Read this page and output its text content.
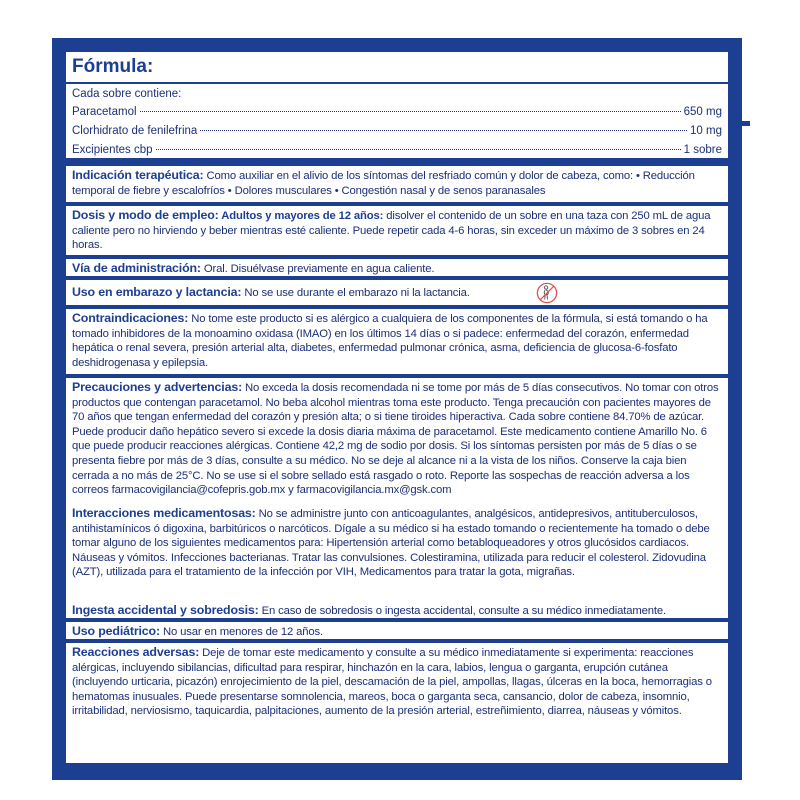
Fórmula:
Cada sobre contiene:
Paracetamol	650 mg
Clorhidrato de fenilefrina	10 mg
Excipientes cbp	1 sobre
Indicación terapéutica: Como auxiliar en el alivio de los síntomas del resfriado común y dolor de cabeza, como: • Reducción temporal de fiebre y escalofríos • Dolores musculares • Congestión nasal y de senos paranasales
Dosis y modo de empleo: Adultos y mayores de 12 años: disolver el contenido de un sobre en una taza con 250 mL de agua caliente pero no hirviendo y beber mientras esté caliente. Puede repetir cada 4-6 horas, sin exceder un máximo de 3 sobres en 24 horas.
Vía de administración: Oral. Disuélvase previamente en agua caliente.
Uso en embarazo y lactancia: No se use durante el embarazo ni la lactancia.
Contraindicaciones: No tome este producto si es alérgico a cualquiera de los componentes de la fórmula, si está tomando o ha tomado inhibidores de la monoamino oxidasa (IMAO) en los últimos 14 días o si padece: enfermedad del corazón, enfermedad hepática o renal severa, presión arterial alta, diabetes, enfermedad pulmonar crónica, asma, deficiencia de glucosa-6-fosfato deshidrogenasa y epilepsia.
Precauciones y advertencias: No exceda la dosis recomendada ni se tome por más de 5 días consecutivos. No tomar con otros productos que contengan paracetamol. No beba alcohol mientras toma este producto. Tenga precaución con pacientes mayores de 70 años que tengan enfermedad del corazón y presión alta; o si tiene tiroides hiperactiva. Cada sobre contiene 84.70% de azúcar. Puede producir daño hepático severo si excede la dosis diaria máxima de paracetamol. Este medicamento contiene Amarillo No. 6 que puede producir reacciones alérgicas. Contiene 42,2 mg de sodio por dosis. Si los síntomas persisten por más de 5 días o se presenta fiebre por más de 3 días, consulte a su médico. No se deje al alcance ni a la vista de los niños. Conserve la caja bien cerrada a no más de 25°C. No se use si el sobre sellado está rasgado o roto. Reporte las sospechas de reacción adversa a los correos farmacovigilancia@cofepris.gob.mx y farmacovigilancia.mx@gsk.com
Interacciones medicamentosas: No se administre junto con anticoagulantes, analgésicos, antidepresivos, antituberculosos, antihistamínicos ó digoxina, barbitúricos o narcóticos. Dígale a su médico si ha estado tomando o recientemente ha tomado o debe tomar alguno de los siguientes medicamentos para: Hipertensión arterial como betabloqueadores y otros glucósidos cardiacos. Náuseas y vómitos. Infecciones bacterianas. Tratar las convulsiones. Colestiramina, utilizada para reducir el colesterol. Zidovudina (AZT), utilizada para el tratamiento de la infección por VIH, Medicamentos para tratar la gota, migrañas.
Ingesta accidental y sobredosis: En caso de sobredosis o ingesta accidental, consulte a su médico inmediatamente.
Uso pediátrico: No usar en menores de 12 años.
Reacciones adversas: Deje de tomar este medicamento y consulte a su médico inmediatamente si experimenta: reacciones alérgicas, incluyendo sibilancias, dificultad para respirar, hinchazón en la cara, labios, lengua o garganta, erupción cutánea (incluyendo urticaria, picazón) enrojecimiento de la piel, descamación de la piel, ampollas, llagas, úlceras en la boca, hemorragias o hematomas inusuales. Puede presentarse somnolencia, mareos, boca o garganta seca, cansancio, dolor de cabeza, insomnio, irritabilidad, nerviosismo, taquicardia, palpitaciones, aumento de la presión arterial, estreñimiento, diarrea, náuseas y vómitos.
